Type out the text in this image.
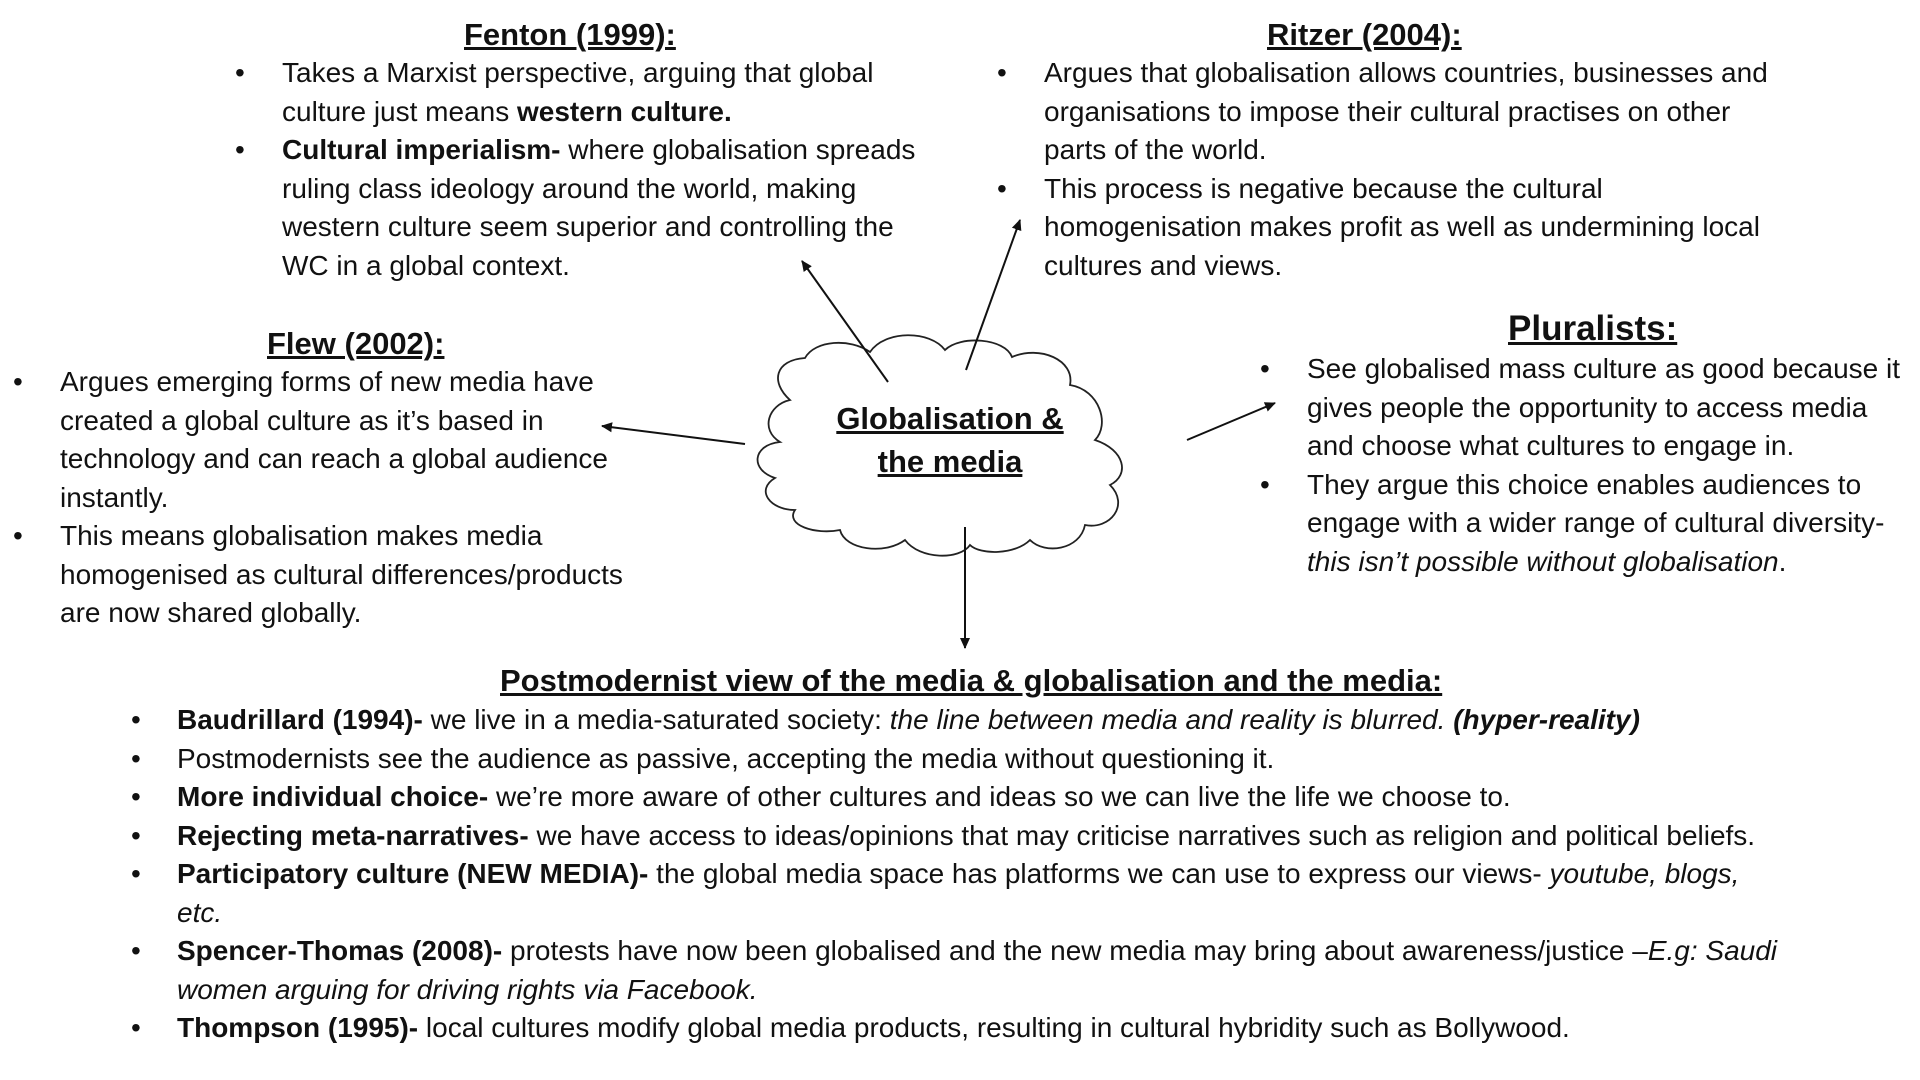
Globalisation &
the media
Fenton (1999):
• Takes a Marxist perspective, arguing that global culture just means western culture.
• Cultural imperialism- where globalisation spreads ruling class ideology around the world, making western culture seem superior and controlling the WC in a global context.
Ritzer (2004):
• Argues that globalisation allows countries, businesses and organisations to impose their cultural practises on other parts of the world.
• This process is negative because the cultural homogenisation makes profit as well as undermining local cultures and views.
Flew (2002):
• Argues emerging forms of new media have created a global culture as it’s based in technology and can reach a global audience instantly.
• This means globalisation makes media homogenised as cultural differences/products are now shared globally.
Pluralists:
• See globalised mass culture as good because it gives people the opportunity to access media and choose what cultures to engage in.
• They argue this choice enables audiences to engage with a wider range of cultural diversity- this isn’t possible without globalisation.
Postmodernist view of the media & globalisation and the media:
• Baudrillard (1994)- we live in a media-saturated society: the line between media and reality is blurred. (hyper-reality)
• Postmodernists see the audience as passive, accepting the media without questioning it.
• More individual choice- we’re more aware of other cultures and ideas so we can live the life we choose to.
• Rejecting meta-narratives- we have access to ideas/opinions that may criticise narratives such as religion and political beliefs.
• Participatory culture (NEW MEDIA)- the global media space has platforms we can use to express our views- youtube, blogs, etc.
• Spencer-Thomas (2008)- protests have now been globalised and the new media may bring about awareness/justice –E.g: Saudi women arguing for driving rights via Facebook.
• Thompson (1995)- local cultures modify global media products, resulting in cultural hybridity such as Bollywood.
